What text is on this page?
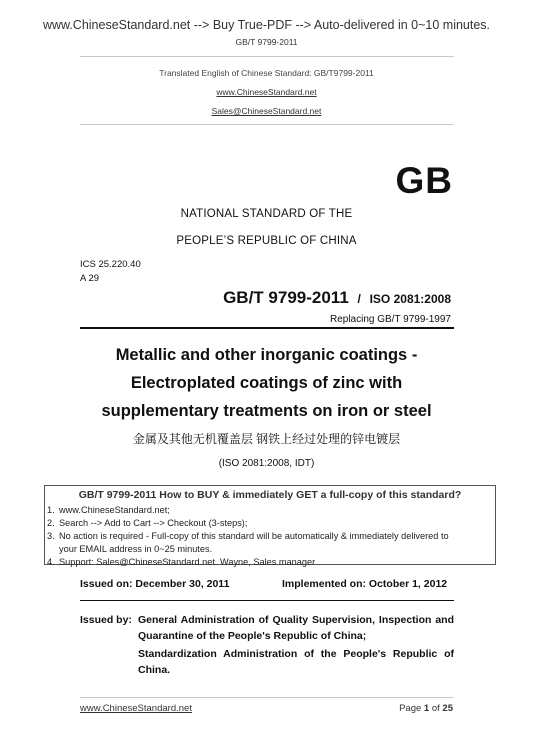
www.ChineseStandard.net --> Buy True-PDF --> Auto-delivered in 0~10 minutes.
GB/T 9799-2011
Translated English of Chinese Standard: GB/T9799-2011
www.ChineseStandard.net
Sales@ChineseStandard.net
GB
NATIONAL STANDARD OF THE
PEOPLE’S REPUBLIC OF CHINA
ICS 25.220.40
A 29
GB/T 9799-2011 / ISO 2081:2008
Replacing GB/T 9799-1997
Metallic and other inorganic coatings -
Electroplated coatings of zinc with
supplementary treatments on iron or steel
金属及其他无机覆盖层 钢铁上经过处理的锌电镀层
(ISO 2081:2008, IDT)
GB/T 9799-2011 How to BUY & immediately GET a full-copy of this standard?
1. www.ChineseStandard.net;
2. Search --> Add to Cart --> Checkout (3-steps);
3. No action is required - Full-copy of this standard will be automatically & immediately delivered to
your EMAIL address in 0~25 minutes.
4. Support: Sales@ChineseStandard.net. Wayne, Sales manager
Issued on: December 30, 2011	Implemented on: October 1, 2012
Issued by: General Administration of Quality Supervision, Inspection and Quarantine of the People's Republic of China;
Standardization Administration of the People's Republic of China.
www.ChineseStandard.net	Page 1 of 25
